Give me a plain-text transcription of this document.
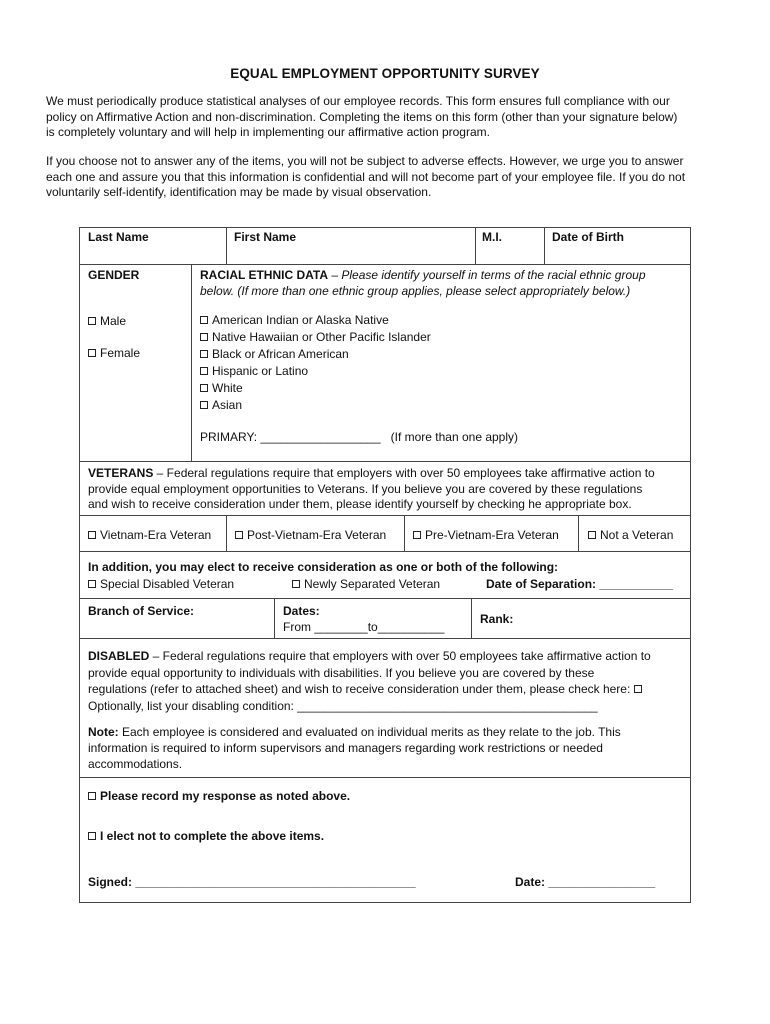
EQUAL EMPLOYMENT OPPORTUNITY SURVEY
We must periodically produce statistical analyses of our employee records. This form ensures full compliance with our
policy on Affirmative Action and non-discrimination. Completing the items on this form (other than your signature below)
is completely voluntary and will help in implementing our affirmative action program.
If you choose not to answer any of the items, you will not be subject to adverse effects. However, we urge you to answer
each one and assure you that this information is confidential and will not become part of your employee file. If you do not
voluntarily self-identify, identification may be made by visual observation.
Last Name	First Name	M.I.	Date of Birth
GENDER
Male
Female
RACIAL ETHNIC DATA – Please identify yourself in terms of the racial ethnic group
below. (If more than one ethnic group applies, please select appropriately below.)
American Indian or Alaska Native
Native Hawaiian or Other Pacific Islander
Black or African American
Hispanic or Latino
White
Asian
PRIMARY: __________________ (If more than one apply)
VETERANS – Federal regulations require that employers with over 50 employees take affirmative action to
provide equal employment opportunities to Veterans. If you believe you are covered by these regulations
and wish to receive consideration under them, please identify yourself by checking he appropriate box.
Vietnam-Era Veteran	Post-Vietnam-Era Veteran	Pre-Vietnam-Era Veteran	Not a Veteran
In addition, you may elect to receive consideration as one or both of the following:
Special Disabled Veteran	Newly Separated Veteran	Date of Separation: ___________
Branch of Service:	Dates:
From ________to__________
Rank:
DISABLED – Federal regulations require that employers with over 50 employees take affirmative action to
provide equal opportunity to individuals with disabilities. If you believe you are covered by these
regulations (refer to attached sheet) and wish to receive consideration under them, please check here:
Optionally, list your disabling condition: _____________________________________________
Note: Each employee is considered and evaluated on individual merits as they relate to the job. This
information is required to inform supervisors and managers regarding work restrictions or needed
accommodations.
Please record my response as noted above.
I elect not to complete the above items.
Signed: __________________________________________	Date: ________________
